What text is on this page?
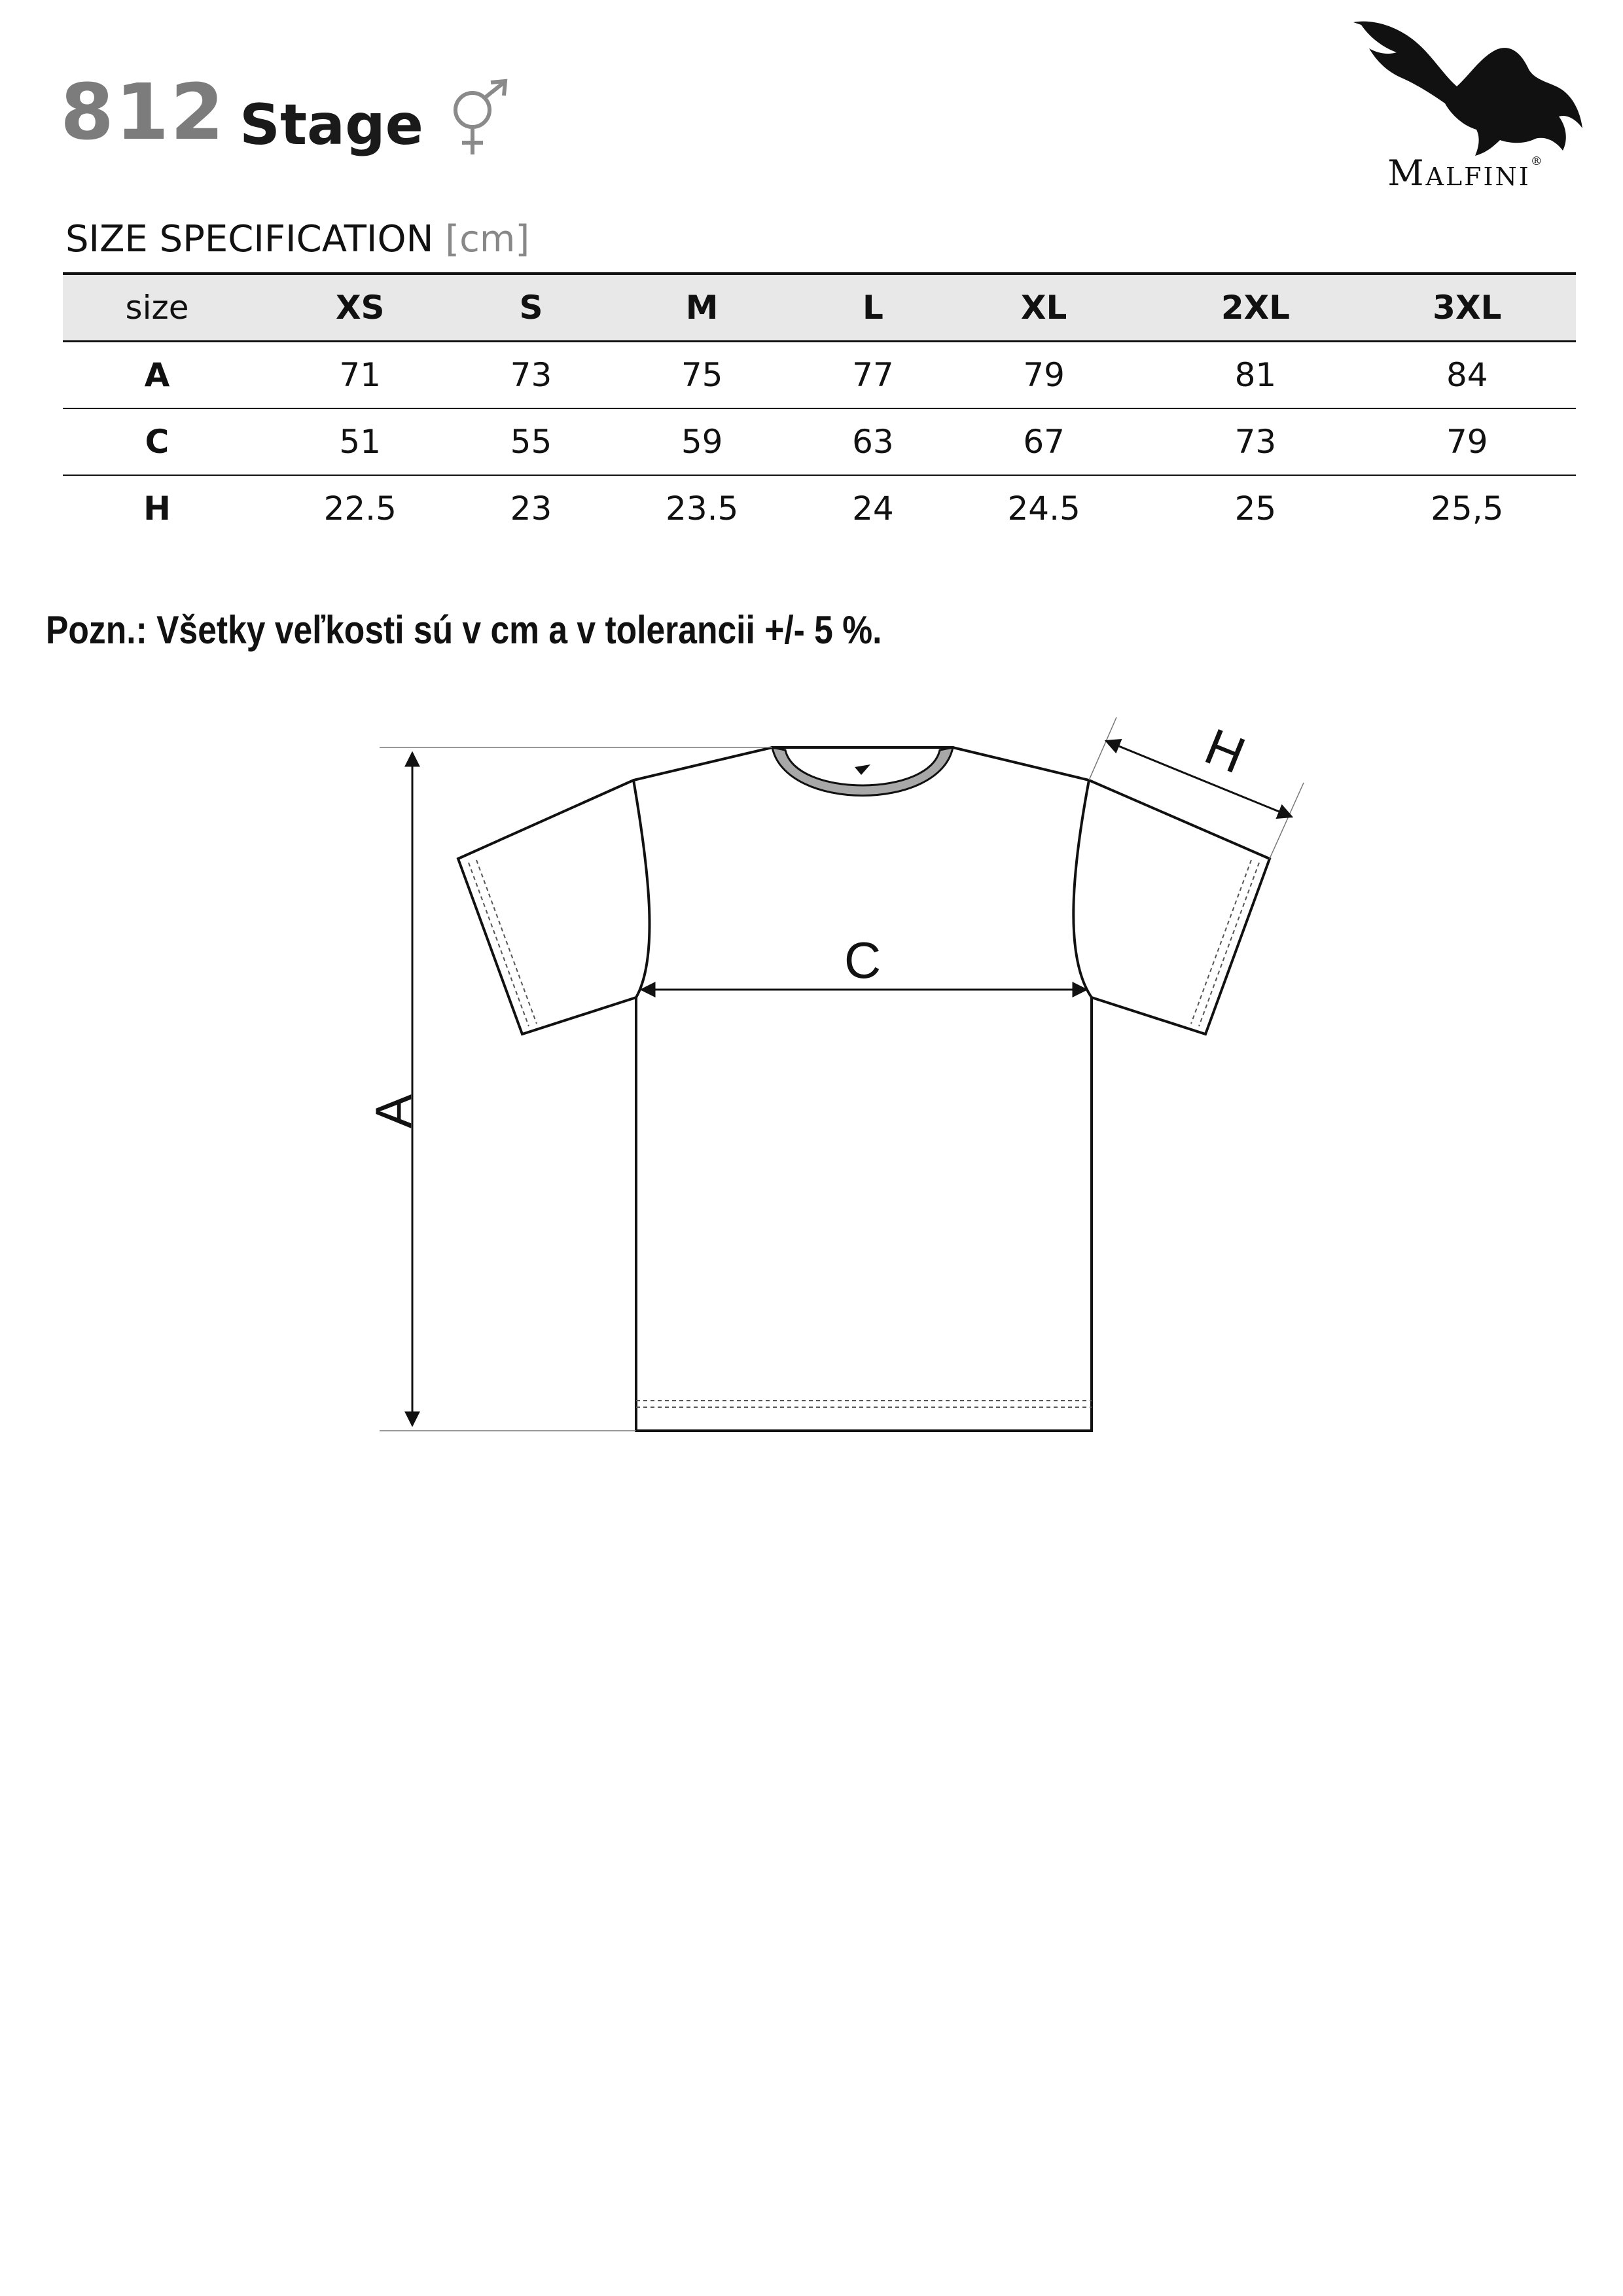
812 Stage
Malfini®
SIZE SPECIFICATION [cm]
size	XS	S	M	L	XL	2XL	3XL
A	71	73	75	77	79	81	84
C	51	55	59	63	67	73	79
H	22.5	23	23.5	24	24.5	25	25,5
Pozn.: Všetky veľkosti sú v cm a v tolerancii +/- 5 %.
A
C
H
